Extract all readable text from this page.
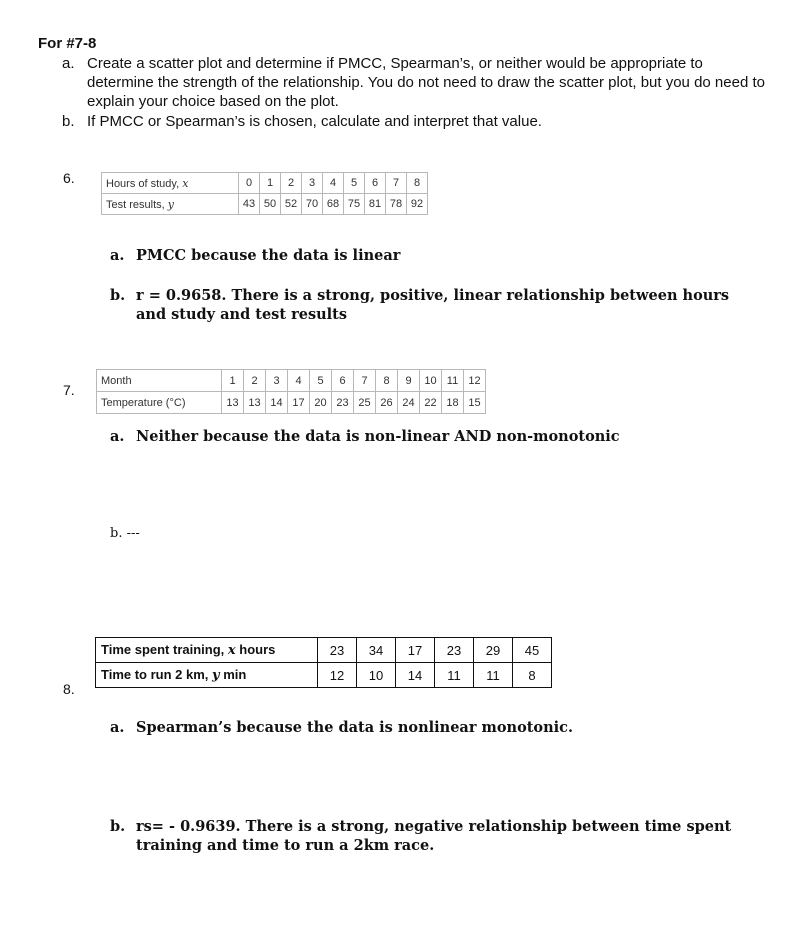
For #7-8
a. Create a scatter plot and determine if PMCC, Spearman’s, or neither would be appropriate to determine the strength of the relationship. You do not need to draw the scatter plot, but you do need to explain your choice based on the plot.
b. If PMCC or Spearman’s is chosen, calculate and interpret that value.
6.	Hours of study, x	0	1	2	3	4	5	6	7	8
Test results, y	43	50	52	70	68	75	81	78	92
a. PMCC because the data is linear
b. r = 0.9658. There is a strong, positive, linear relationship between hours and study and test results
Month	1	2	3	4	5	6	7	8	9	10	11	12
Temperature (°C)	13	13	14	17	20	23	25	26	24	22	18	15
7.
a. Neither because the data is non-linear AND non-monotonic
b. ---
Time spent training, x hours	23	34	17	23	29	45
Time to run 2 km, y min	12	10	14	11	11	8
8.
a. Spearman’s because the data is nonlinear monotonic.
b. rs= - 0.9639. There is a strong, negative relationship between time spent training and time to run a 2km race.
